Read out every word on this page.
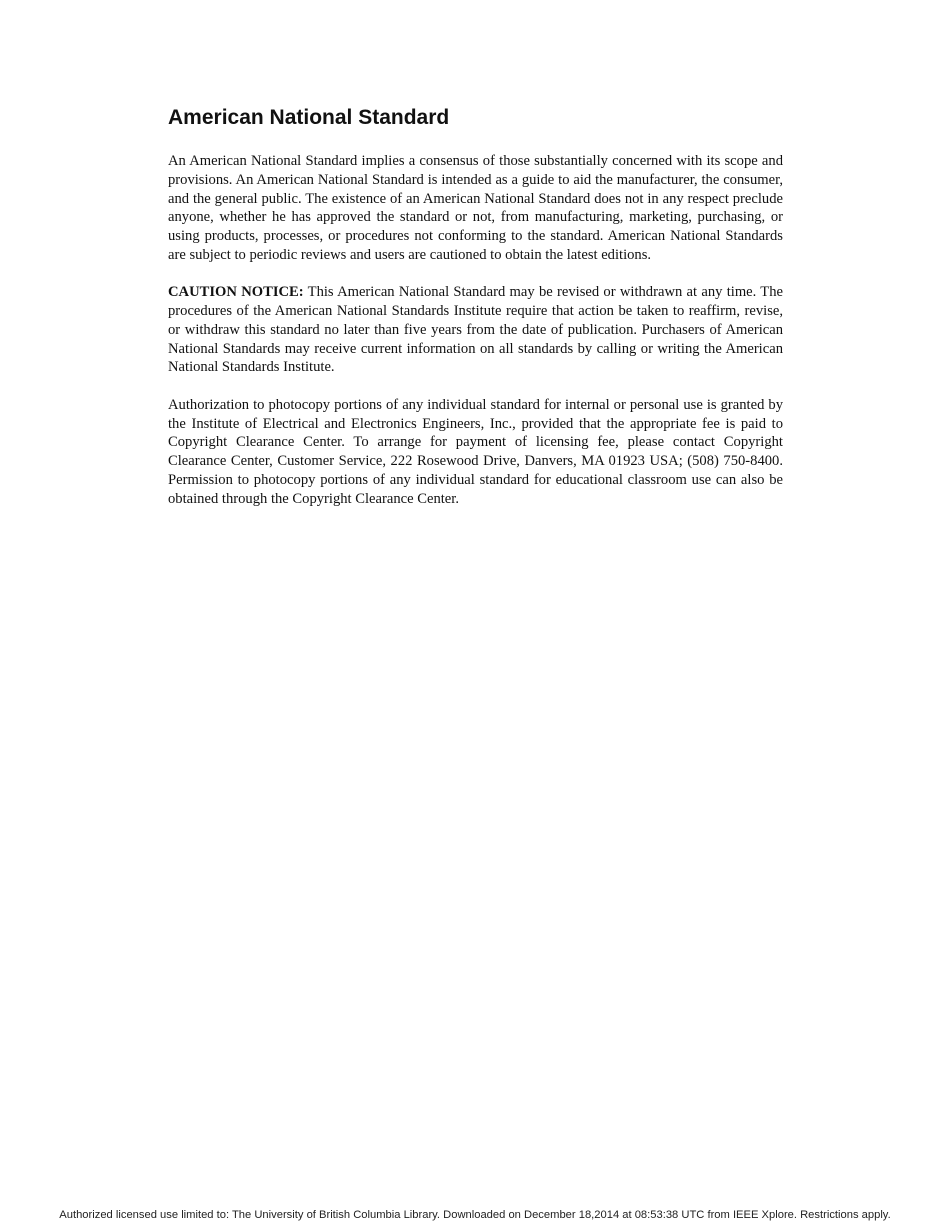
American National Standard

An American National Standard implies a consensus of those substantially concerned with its scope and provisions. An American National Standard is intended as a guide to aid the manufacturer, the consumer, and the general public. The existence of an American National Standard does not in any respect preclude anyone, whether he has approved the standard or not, from manufacturing, marketing, purchasing, or using products, processes, or procedures not conforming to the standard. American National Standards are subject to periodic reviews and users are cautioned to obtain the latest editions.

CAUTION NOTICE: This American National Standard may be revised or withdrawn at any time. The procedures of the American National Standards Institute require that action be taken to reaffirm, revise, or withdraw this standard no later than five years from the date of publication. Purchasers of American National Standards may receive current information on all standards by calling or writing the American National Standards Institute.

Authorization to photocopy portions of any individual standard for internal or personal use is granted by the Institute of Electrical and Electronics Engineers, Inc., provided that the appropriate fee is paid to Copyright Clearance Center. To arrange for payment of licensing fee, please contact Copyright Clearance Center, Customer Service, 222 Rosewood Drive, Danvers, MA 01923 USA; (508) 750-8400. Permission to photocopy portions of any individual standard for educational classroom use can also be obtained through the Copyright Clearance Center.

Authorized licensed use limited to: The University of British Columbia Library. Downloaded on December 18,2014 at 08:53:38 UTC from IEEE Xplore. Restrictions apply.
